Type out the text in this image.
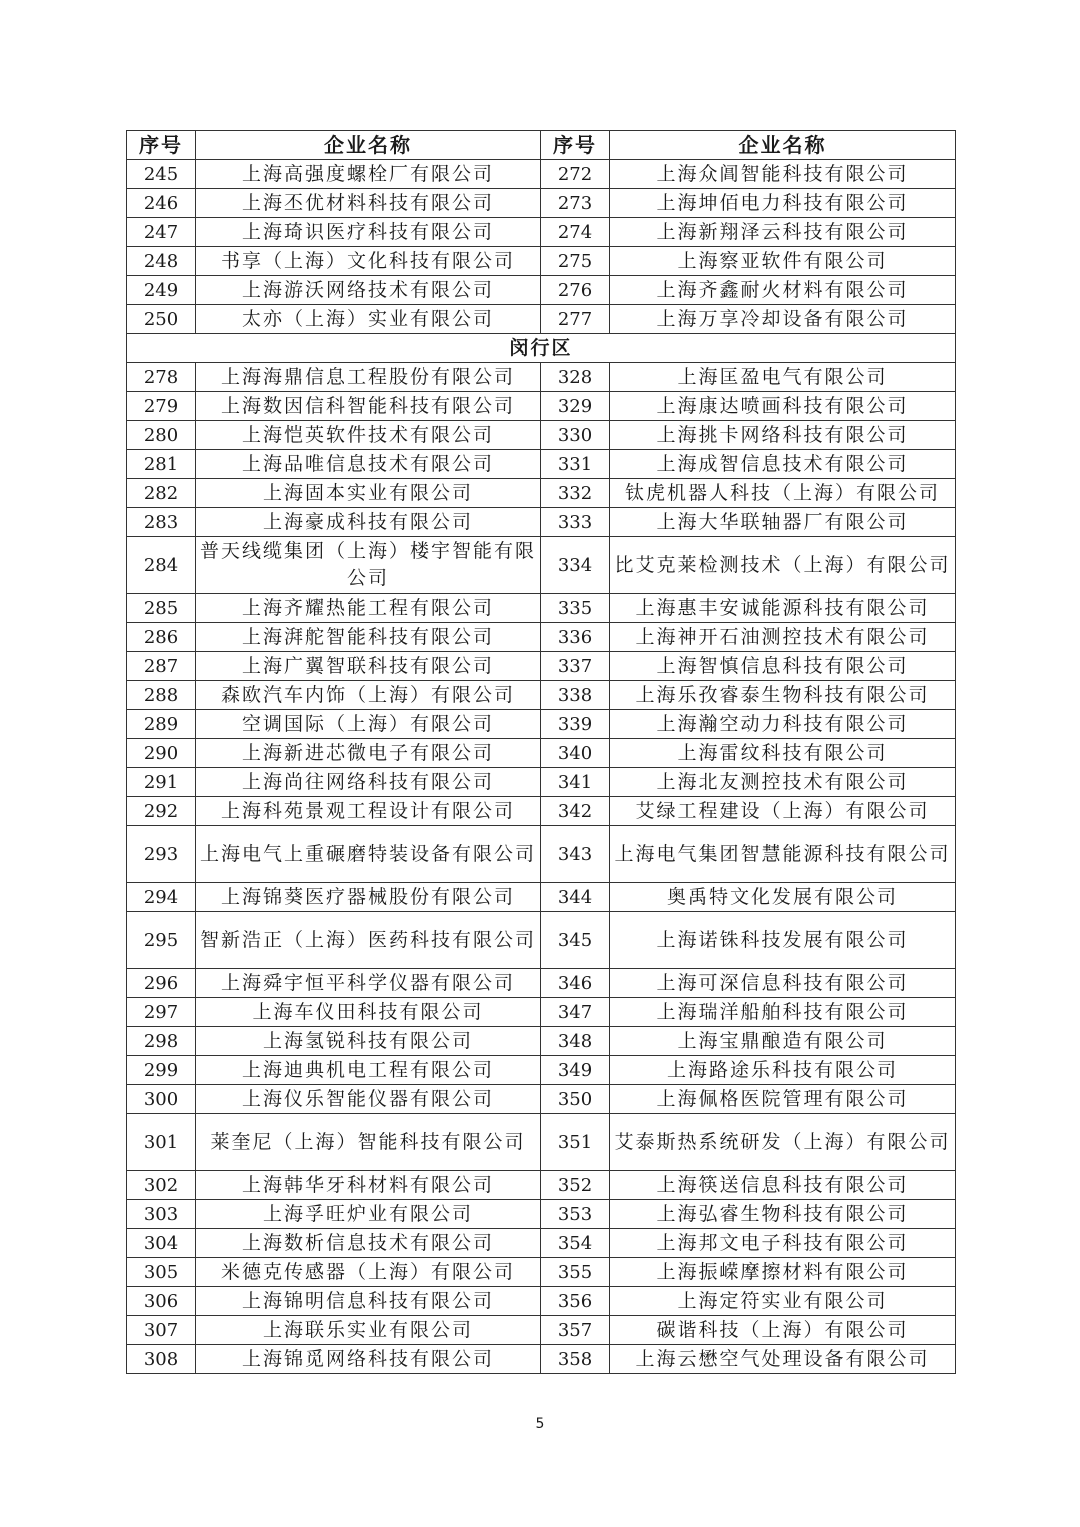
序号	企业名称	序号	企业名称
245	上海高强度螺栓厂有限公司	272	上海众阊智能科技有限公司
246	上海丕优材料科技有限公司	273	上海坤佰电力科技有限公司
247	上海琦识医疗科技有限公司	274	上海新翔泽云科技有限公司
248	书享（上海）文化科技有限公司	275	上海察亚软件有限公司
249	上海游沃网络技术有限公司	276	上海齐鑫耐火材料有限公司
250	太亦（上海）实业有限公司	277	上海万享冷却设备有限公司
闵行区			
278	上海海鼎信息工程股份有限公司	328	上海匡盈电气有限公司
279	上海数因信科智能科技有限公司	329	上海康达喷画科技有限公司
280	上海恺英软件技术有限公司	330	上海挑卡网络科技有限公司
281	上海品唯信息技术有限公司	331	上海成智信息技术有限公司
282	上海固本实业有限公司	332	钛虎机器人科技（上海）有限公司
283	上海豪成科技有限公司	333	上海大华联轴器厂有限公司
284	普天线缆集团（上海）楼宇智能有限公司	334	比艾克莱检测技术（上海）有限公司
285	上海齐耀热能工程有限公司	335	上海惠丰安诚能源科技有限公司
286	上海湃舵智能科技有限公司	336	上海神开石油测控技术有限公司
287	上海广翼智联科技有限公司	337	上海智慎信息科技有限公司
288	森欧汽车内饰（上海）有限公司	338	上海乐孜睿泰生物科技有限公司
289	空调国际（上海）有限公司	339	上海瀚空动力科技有限公司
290	上海新进芯微电子有限公司	340	上海雷纹科技有限公司
291	上海尚往网络科技有限公司	341	上海北友测控技术有限公司
292	上海科苑景观工程设计有限公司	342	艾绿工程建设（上海）有限公司
293	上海电气上重碾磨特装设备有限公司	343	上海电气集团智慧能源科技有限公司
294	上海锦葵医疗器械股份有限公司	344	奥禹特文化发展有限公司
295	智新浩正（上海）医药科技有限公司	345	上海诺铢科技发展有限公司
296	上海舜宇恒平科学仪器有限公司	346	上海可深信息科技有限公司
297	上海车仪田科技有限公司	347	上海瑞洋船舶科技有限公司
298	上海氢锐科技有限公司	348	上海宝鼎酿造有限公司
299	上海迪典机电工程有限公司	349	上海路途乐科技有限公司
300	上海仪乐智能仪器有限公司	350	上海佩格医院管理有限公司
301	莱奎尼（上海）智能科技有限公司	351	艾泰斯热系统研发（上海）有限公司
302	上海韩华牙科材料有限公司	352	上海筷送信息科技有限公司
303	上海孚旺炉业有限公司	353	上海弘睿生物科技有限公司
304	上海数析信息技术有限公司	354	上海邦文电子科技有限公司
305	米德克传感器（上海）有限公司	355	上海振嵘摩擦材料有限公司
306	上海锦明信息科技有限公司	356	上海定符实业有限公司
307	上海联乐实业有限公司	357	碳谐科技（上海）有限公司
308	上海锦觅网络科技有限公司	358	上海云懋空气处理设备有限公司
5
